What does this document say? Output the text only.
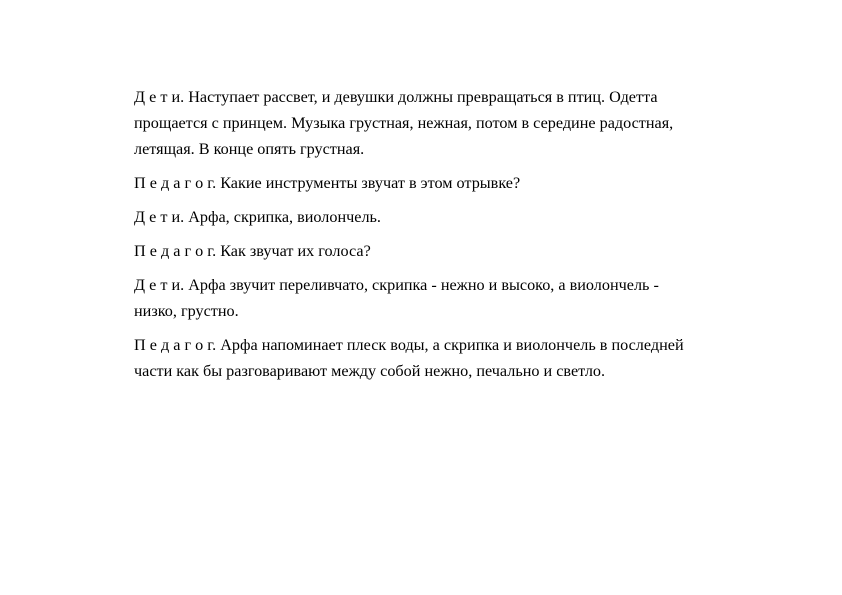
Д е т и. Наступает рассвет, и девушки должны превращаться в птиц. Одетта
прощается с принцем. Музыка грустная, нежная, потом в середине радостная,
летящая. В конце опять грустная.
П е д а г о г. Какие инструменты звучат в этом отрывке?
Д е т и. Арфа, скрипка, виолончель.
П е д а г о г. Как звучат их голоса?
Д е т и. Арфа звучит переливчато, скрипка - нежно и высоко, а виолончель -
низко, грустно.
П е д а г о г. Арфа напоминает плеск воды, а скрипка и виолончель в последней
части как бы разговаривают между собой нежно, печально и светло.
